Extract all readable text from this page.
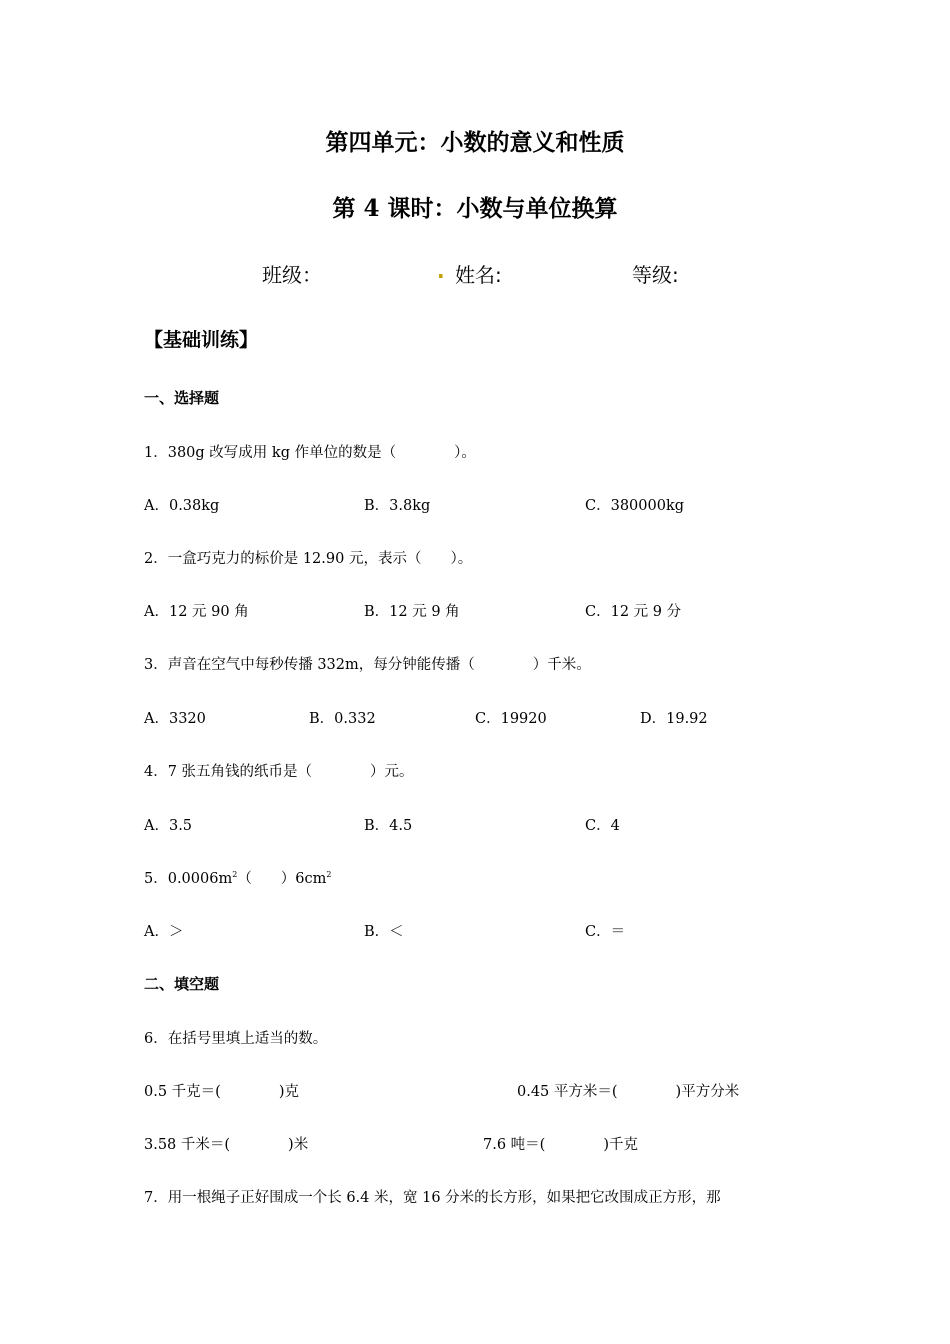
第四单元：小数的意义和性质
第 4 课时：小数与单位换算
班级：	. 姓名:	等级:
【基础训练】
一、选择题
1．380g 改写成用 kg 作单位的数是（　　　　）。
A．0.38kg	B．3.8kg	C．380000kg
2．一盒巧克力的标价是 12.90 元，表示（　　）。
A．12 元 90 角	B．12 元 9 角	C．12 元 9 分
3．声音在空气中每秒传播 332m，每分钟能传播（　　　　）千米。
A．3320	B．0.332	C．19920	D．19.92
4．7 张五角钱的纸币是（　　　　）元。
A．3.5	B．4.5	C．4
5．$0.0006m^2$（　　）$6cm^2$
A．＞	B．＜	C．＝
二、填空题
6．在括号里填上适当的数。
0.5 千克＝(　　　　)克	0.45 平方米＝(　　　　)平方分米
3.58 千米＝(　　　　)米	7.6 吨＝(　　　　)千克
7．用一根绳子正好围成一个长 6.4 米，宽 16 分米的长方形，如果把它改围成正方形，那
